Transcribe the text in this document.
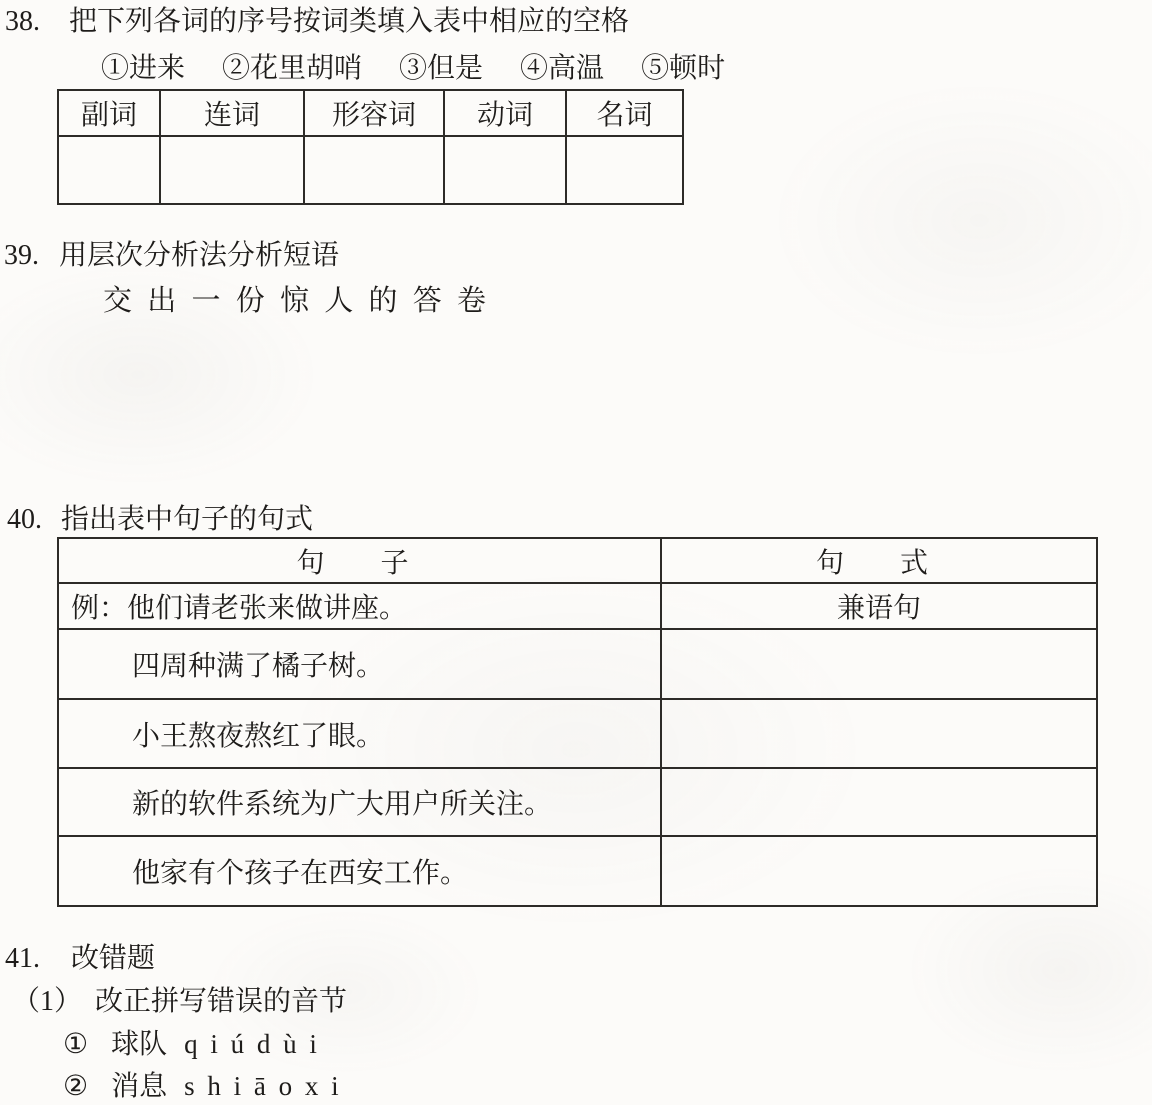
38. 把下列各词的序号按词类填入表中相应的空格
①进来 ②花里胡哨 ③但是 ④高温 ⑤顿时
副词	连词	形容词	动词	名词

39. 用层次分析法分析短语
交 出 一 份 惊 人 的 答 卷
40. 指出表中句子的句式
句　子	句　式
例：他们请老张来做讲座。	兼语句
四周种满了橘子树。	
小王熬夜熬红了眼。	
新的软件系统为广大用户所关注。	
他家有个孩子在西安工作。	
41. 改错题
（1） 改正拼写错误的音节
① 球队 q i ú d ù i
② 消息 s h i ā o x i
